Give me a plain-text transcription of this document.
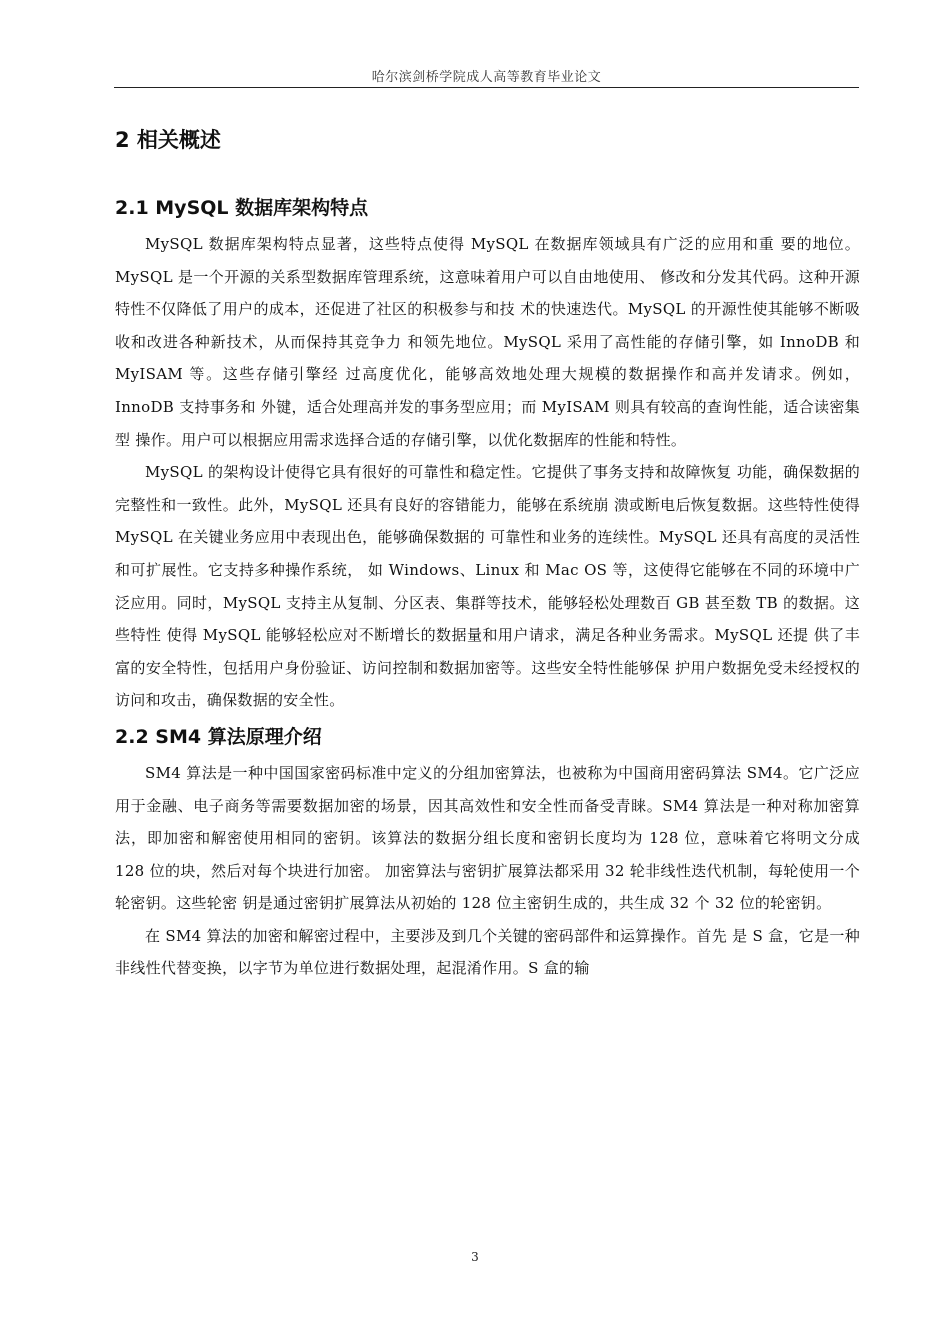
哈尔滨剑桥学院成人高等教育毕业论文
2 相关概述
2.1 MySQL 数据库架构特点

MySQL 数据库架构特点显著，这些特点使得 MySQL 在数据库领域具有广泛的应用和重 要的地位。MySQL 是一个开源的关系型数据库管理系统，这意味着用户可以自由地使用、 修改和分发其代码。这种开源特性不仅降低了用户的成本，还促进了社区的积极参与和技 术的快速迭代。MySQL 的开源性使其能够不断吸收和改进各种新技术，从而保持其竞争力 和领先地位。MySQL 采用了高性能的存储引擎，如 InnoDB 和 MyISAM 等。这些存储引擎经 过高度优化，能够高效地处理大规模的数据操作和高并发请求。例如，InnoDB 支持事务和 外键，适合处理高并发的事务型应用；而 MyISAM 则具有较高的查询性能，适合读密集型 操作。用户可以根据应用需求选择合适的存储引擎，以优化数据库的性能和特性。

MySQL 的架构设计使得它具有很好的可靠性和稳定性。它提供了事务支持和故障恢复 功能，确保数据的完整性和一致性。此外，MySQL 还具有良好的容错能力，能够在系统崩 溃或断电后恢复数据。这些特性使得 MySQL 在关键业务应用中表现出色，能够确保数据的 可靠性和业务的连续性。MySQL 还具有高度的灵活性和可扩展性。它支持多种操作系统， 如 Windows、Linux 和 Mac OS 等，这使得它能够在不同的环境中广泛应用。同时，MySQL 支持主从复制、分区表、集群等技术，能够轻松处理数百 GB 甚至数 TB 的数据。这些特性 使得 MySQL 能够轻松应对不断增长的数据量和用户请求，满足各种业务需求。MySQL 还提 供了丰富的安全特性，包括用户身份验证、访问控制和数据加密等。这些安全特性能够保 护用户数据免受未经授权的访问和攻击，确保数据的安全性。

2.2 SM4 算法原理介绍

SM4 算法是一种中国国家密码标准中定义的分组加密算法，也被称为中国商用密码算法 SM4。它广泛应用于金融、电子商务等需要数据加密的场景，因其高效性和安全性而备受青睐。SM4 算法是一种对称加密算法，即加密和解密使用相同的密钥。该算法的数据分组长度和密钥长度均为 128 位，意味着它将明文分成 128 位的块，然后对每个块进行加密。 加密算法与密钥扩展算法都采用 32 轮非线性迭代机制，每轮使用一个轮密钥。这些轮密 钥是通过密钥扩展算法从初始的 128 位主密钥生成的，共生成 32 个 32 位的轮密钥。

在 SM4 算法的加密和解密过程中，主要涉及到几个关键的密码部件和运算操作。首先 是 S 盒，它是一种非线性代替变换，以字节为单位进行数据处理，起混淆作用。S 盒的输

3
